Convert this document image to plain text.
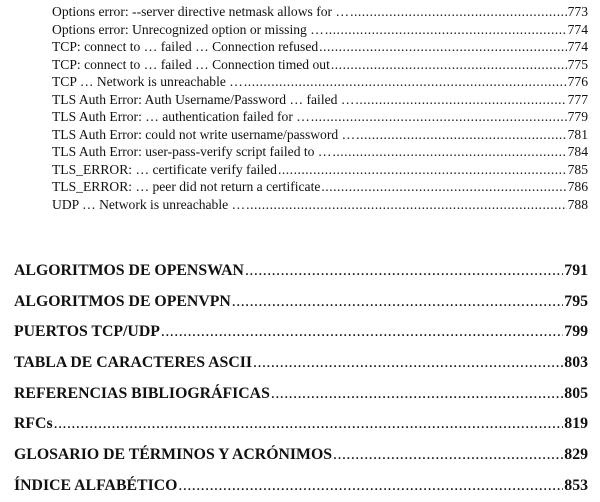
Options error: --server directive netmask allows for … .....	773
Options error: Unrecognized option or missing … .....	774
TCP: connect to … failed … Connection refused .....	774
TCP: connect to … failed … Connection timed out .....	775
TCP … Network is unreachable … .....	776
TLS Auth Error: Auth Username/Password … failed … .....	777
TLS Auth Error: … authentication failed for … .....	779
TLS Auth Error: could not write username/password … .....	781
TLS Auth Error: user-pass-verify script failed to … .....	784
TLS_ERROR: … certificate verify failed .....	785
TLS_ERROR: … peer did not return a certificate .....	786
UDP … Network is unreachable … .....	788
ALGORITMOS DE OPENSWAN .....	791
ALGORITMOS DE OPENVPN .....	795
PUERTOS TCP/UDP .....	799
TABLA DE CARACTERES ASCII .....	803
REFERENCIAS BIBLIOGRÁFICAS .....	805
RFCs .....	819
GLOSARIO DE TÉRMINOS Y ACRÓNIMOS .....	829
ÍNDICE ALFABÉTICO .....	853
